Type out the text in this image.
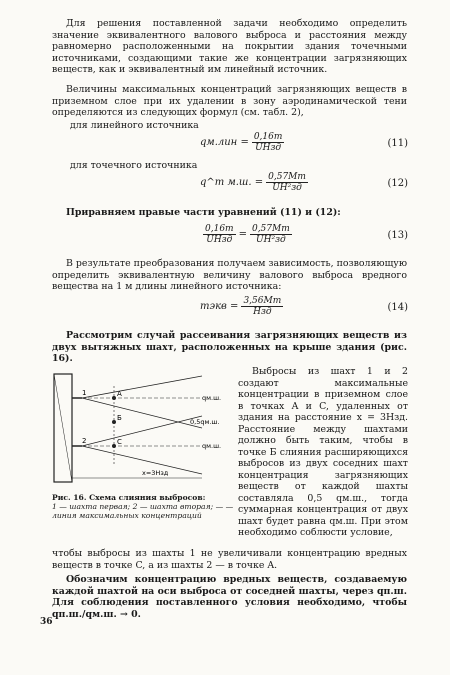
Для решения поставленной задачи необходимо определить значение эквивалентного валового выброса и расстояния между равномерно расположенными на покрытии здания точечными источниками, создающими такие же концентрации загрязняющих веществ, как и эквивалентный им линейный источник.

Величины максимальных концентраций загрязняющих веществ в приземном слое при их удалении в зону аэродинамической тени определяются из следующих формул (см. табл. 2),

для линейного источника

$qм.лин = \frac{0,16m}{\text{UHзд}}$	(11)

для точечного источника

q^т м.ш. = $\frac{0,57Mт}{\text{UH²зд}}$	(12)

Приравняем правые части уравнений (11) и (12):

$\frac{0,16m}{\text{UHзд}} = \frac{0,57Mт}{\text{UH²зд}}$	(13)

В результате преобразования получаем зависимость, позволяющую определить эквивалентную величину валового выброса вредного вещества на 1 м длины линейного источника:

mэкв = $\frac{3,56Mт}{\text{Hзд}}$	(14)

Рассмотрим случай рассеивания загрязняющих веществ из двух вытяжных шахт, расположенных на крыше здания (рис. 16).

1
2
A
Б
C
qм.ш.
0,5qм.ш.
qм.ш.
x=3Hзд

Рис. 16. Схема слияния выбросов:
1 — шахта первая; 2 — шахта вторая; — — линия максимальных концентраций

Выбросы из шахт 1 и 2 создают максимальные концентрации в приземном слое в точках A и C, удаленных от здания на расстояние x = 3Hзд. Расстояние между шахтами должно быть таким, чтобы в точке Б слияния расширяющихся выбросов из двух соседних шахт концентрация загрязняющих веществ от каждой шахты составляла 0,5 qм.ш., тогда суммарная концентрация от двух шахт будет равна qм.ш. При этом необходимо соблюсти условие,

чтобы выбросы из шахты 1 не увеличивали концентрацию вредных веществ в точке C, а из шахты 2 — в точке A.

Обозначим концентрацию вредных веществ, создаваемую каждой шахтой на оси выброса от соседней шахты, через qп.ш. Для соблюдения поставленного условия необходимо, чтобы qп.ш./qм.ш. → 0.

36
